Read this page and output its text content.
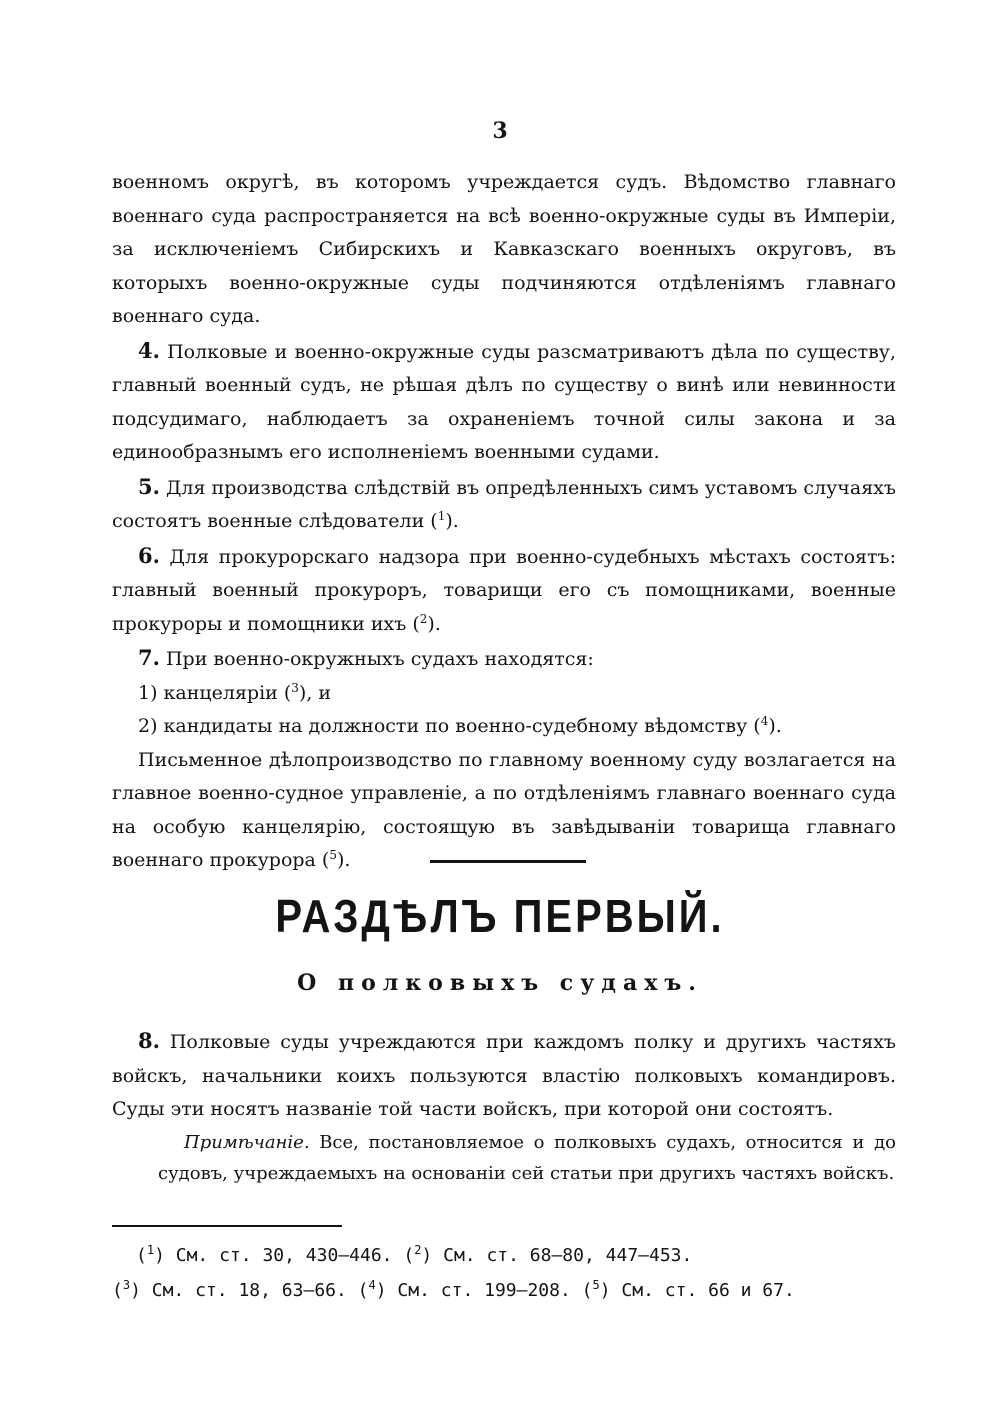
3

военномъ округѣ, въ которомъ учреждается судъ. Вѣдомство главнаго военнаго суда распространяется на всѣ военно-окружные суды въ Имперіи, за исключеніемъ Сибирскихъ и Кавказскаго военныхъ округовъ, въ которыхъ военно-окружные суды подчиняются отдѣленіямъ главнаго военнаго суда.

4. Полковые и военно-окружные суды разсматриваютъ дѣла по существу, главный военный судъ, не рѣшая дѣлъ по существу о винѣ или невинности подсудимаго, наблюдаетъ за охраненіемъ точной силы закона и за единообразнымъ его исполненіемъ военными судами.

5. Для производства слѣдствій въ опредѣленныхъ симъ уставомъ случаяхъ состоятъ военные слѣдователи ($^1$).

6. Для прокурорскаго надзора при военно-судебныхъ мѣстахъ состоятъ: главный военный прокуроръ, товарищи его съ помощниками, военные прокуроры и помощники ихъ ($^2$).

7. При военно-окружныхъ судахъ находятся:

1) канцеляріи ($^3$), и

2) кандидаты на должности по военно-судебному вѣдомству ($^4$).

Письменное дѣлопроизводство по главному военному суду возлагается на главное военно-судное управленіе, а по отдѣленіямъ главнаго военнаго суда на особую канцелярію, состоящую въ завѣдываніи товарища главнаго военнаго прокурора ($^5$).

РАЗДѢЛЪ ПЕРВЫЙ.
О полковыхъ судахъ.

8. Полковые суды учреждаются при каждомъ полку и другихъ частяхъ войскъ, начальники коихъ пользуются властію полковыхъ командировъ. Суды эти носятъ названіе той части войскъ, при которой они состоятъ.

Примѣчаніе. Все, постановляемое о полковыхъ судахъ, относится и до судовъ, учреждаемыхъ на основаніи сей статьи при другихъ частяхъ войскъ.

($^1$) См. ст. 30, 430—446. ($^2$) См. ст. 68—80, 447—453.

($^3$) См. ст. 18, 63—66. ($^4$) См. ст. 199—208. ($^5$) См. ст. 66 и 67.
